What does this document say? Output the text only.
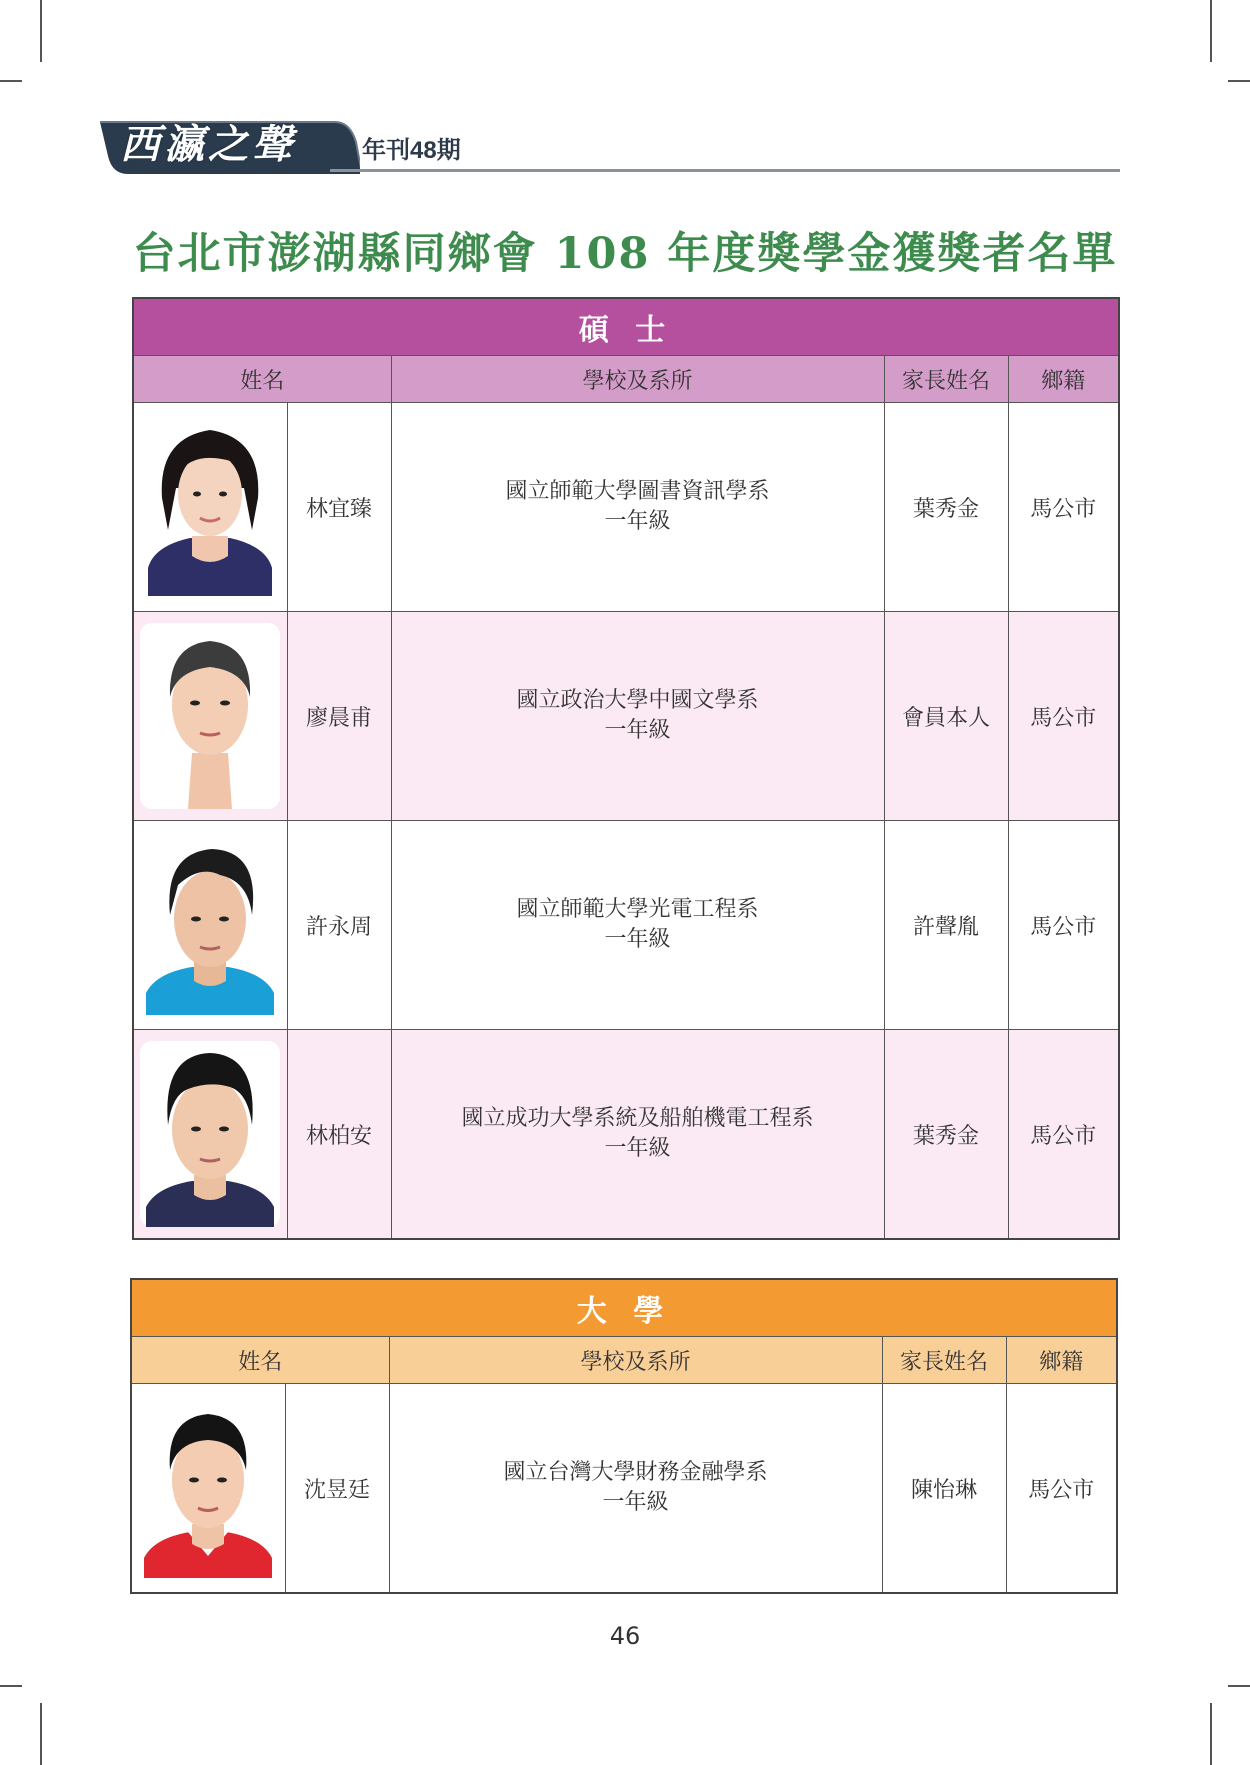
西瀛之聲	年刊48期
台北市澎湖縣同鄉會 108 年度獎學金獲獎者名單
碩 士				
姓名		學校及系所	家長姓名	鄉籍

	林宜臻	國立師範大學圖書資訊學系
一年級	葉秀金	馬公市

	廖晨甫	國立政治大學中國文學系
一年級	會員本人	馬公市

	許永周	國立師範大學光電工程系
一年級	許聲胤	馬公市

	林柏安	國立成功大學系統及船舶機電工程系
一年級	葉秀金	馬公市
大 學				
姓名		學校及系所	家長姓名	鄉籍

	沈昱廷	國立台灣大學財務金融學系
一年級	陳怡琳	馬公市
46
